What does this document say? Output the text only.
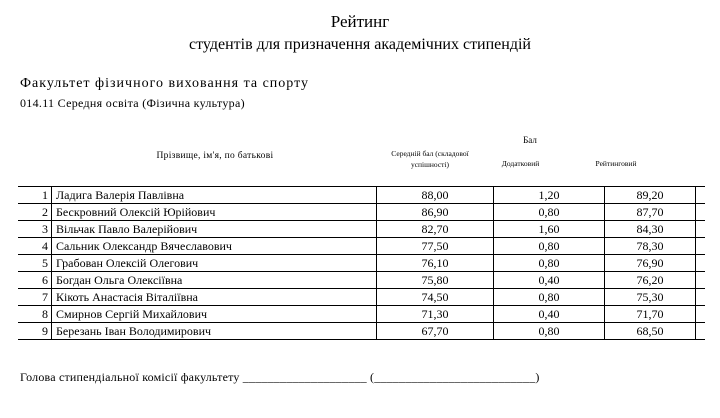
Рейтинг
студентів для призначення академічних стипендій
Факультет фізичного виховання та спорту
014.11 Середня освіта (Фізична культура)
Прізвище, ім'я, по батькові
Бал
Середній бал (складової успішності)	Додатковий	Рейтинговий
1	Ладига Валерія Павлівна	88,00	1,20	89,20	
2	Бескровний Олексій Юрійович	86,90	0,80	87,70	
3	Вільчак Павло Валерійович	82,70	1,60	84,30	
4	Сальник Олександр Вячеславович	77,50	0,80	78,30	
5	Грабован Олексій Олегович	76,10	0,80	76,90	
6	Богдан Ольга Олексіївна	75,80	0,40	76,20	
7	Кікоть Анастасія Віталіївна	74,50	0,80	75,30	
8	Смирнов Сергій Михайлович	71,30	0,40	71,70	
9	Березань Іван Володимирович	67,70	0,80	68,50	
Голова стипендіальної комісії факультету ____________________ (__________________________)
